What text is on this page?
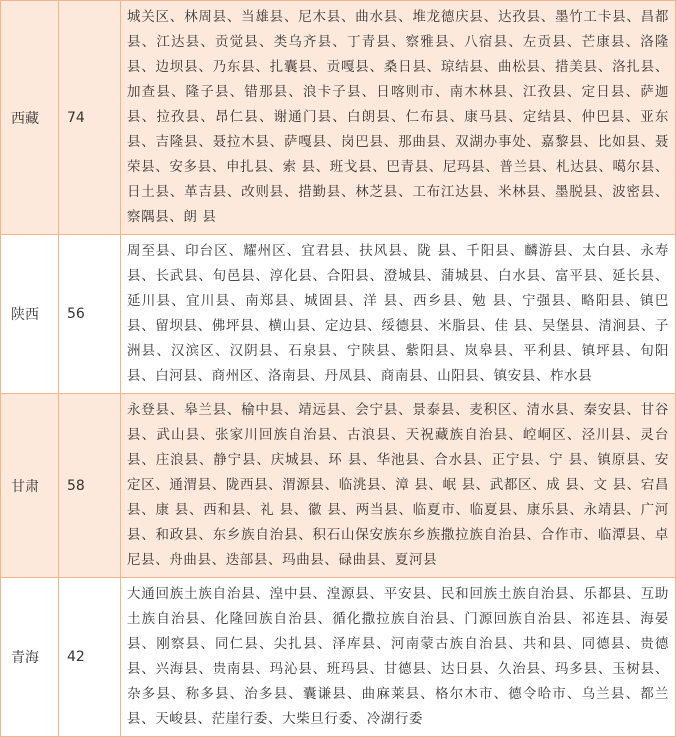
西藏	74	城关区、林周县、当雄县、尼木县、曲水县、堆龙德庆县、达孜县、墨竹工卡县、昌都县、江达县、贡觉县、类乌齐县、丁青县、察雅县、八宿县、左贡县、芒康县、洛隆县、边坝县、乃东县、扎囊县、贡嘎县、桑日县、琼结县、曲松县、措美县、洛扎县、加查县、隆子县、错那县、浪卡子县、日喀则市、南木林县、江孜县、定日县、萨迦县、拉孜县、昂仁县、谢通门县、白朗县、仁布县、康马县、定结县、仲巴县、亚东县、吉隆县、聂拉木县、萨嘎县、岗巴县、那曲县、双湖办事处、嘉黎县、比如县、聂荣县、安多县、申扎县、索 县、班戈县、巴青县、尼玛县、普兰县、札达县、噶尔县、日土县、革吉县、改则县、措勤县、林芝县、工布江达县、米林县、墨脱县、波密县、察隅县、朗 县
陕西	56	周至县、印台区、耀州区、宜君县、扶风县、陇 县、千阳县、麟游县、太白县、永寿县、长武县、旬邑县、淳化县、合阳县、澄城县、蒲城县、白水县、富平县、延长县、延川县、宜川县、南郑县、城固县、洋 县、西乡县、勉 县、宁强县、略阳县、镇巴县、留坝县、佛坪县、横山县、定边县、绥德县、米脂县、佳 县、吴堡县、清涧县、子洲县、汉滨区、汉阴县、石泉县、宁陕县、紫阳县、岚皋县、平利县、镇坪县、旬阳县、白河县、商州区、洛南县、丹凤县、商南县、山阳县、镇安县、柞水县
甘肃	58	永登县、皋兰县、榆中县、靖远县、会宁县、景泰县、麦积区、清水县、秦安县、甘谷县、武山县、张家川回族自治县、古浪县、天祝藏族自治县、崆峒区、泾川县、灵台县、庄浪县、静宁县、庆城县、环 县、华池县、合水县、正宁县、宁 县、镇原县、安定区、通渭县、陇西县、渭源县、临洮县、漳 县、岷 县、武都区、成 县、文 县、宕昌县、康 县、西和县、礼 县、徽 县、两当县、临夏市、临夏县、康乐县、永靖县、广河县、和政县、东乡族自治县、积石山保安族东乡族撒拉族自治县、合作市、临潭县、卓尼县、舟曲县、迭部县、玛曲县、碌曲县、夏河县
青海	42	大通回族土族自治县、湟中县、湟源县、平安县、民和回族土族自治县、乐都县、互助土族自治县、化隆回族自治县、循化撒拉族自治县、门源回族自治县、祁连县、海晏县、刚察县、同仁县、尖扎县、泽库县、河南蒙古族自治县、共和县、同德县、贵德县、兴海县、贵南县、玛沁县、班玛县、甘德县、达日县、久治县、玛多县、玉树县、杂多县、称多县、治多县、囊谦县、曲麻莱县、格尔木市、德令哈市、乌兰县、都兰县、天峻县、茫崖行委、大柴旦行委、冷湖行委
